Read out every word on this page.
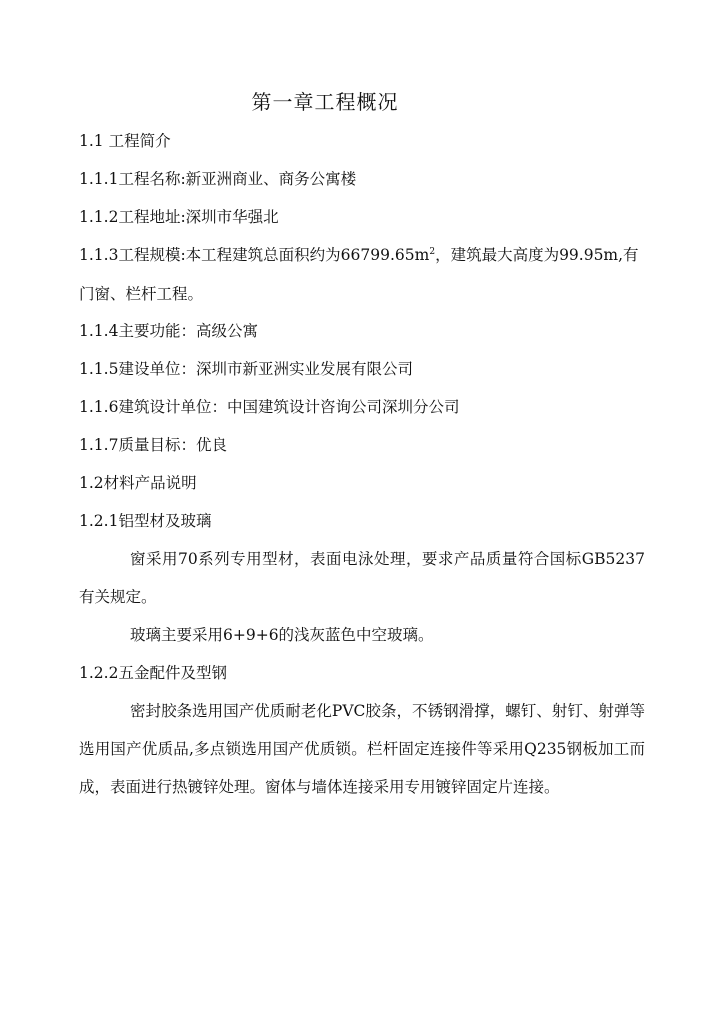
第一章工程概况
1.1 工程简介
1.1.1工程名称:新亚洲商业、商务公寓楼
1.1.2工程地址:深圳市华强北
1.1.3工程规模:本工程建筑总面积约为$66799.65m^2$，建筑最大高度为99.95m,有
门窗、栏杆工程。
1.1.4主要功能：高级公寓
1.1.5建设单位：深圳市新亚洲实业发展有限公司
1.1.6建筑设计单位：中国建筑设计咨询公司深圳分公司
1.1.7质量目标：优良
1.2材料产品说明
1.2.1铝型材及玻璃
窗采用70系列专用型材，表面电泳处理，要求产品质量符合国标GB5237有关规定。
玻璃主要采用6+9+6的浅灰蓝色中空玻璃。
1.2.2五金配件及型钢
密封胶条选用国产优质耐老化PVC胶条，不锈钢滑撑，螺钉、射钉、射弹等选用国产优质品,多点锁选用国产优质锁。栏杆固定连接件等采用Q235钢板加工而成，表面进行热镀锌处理。窗体与墙体连接采用专用镀锌固定片连接。
